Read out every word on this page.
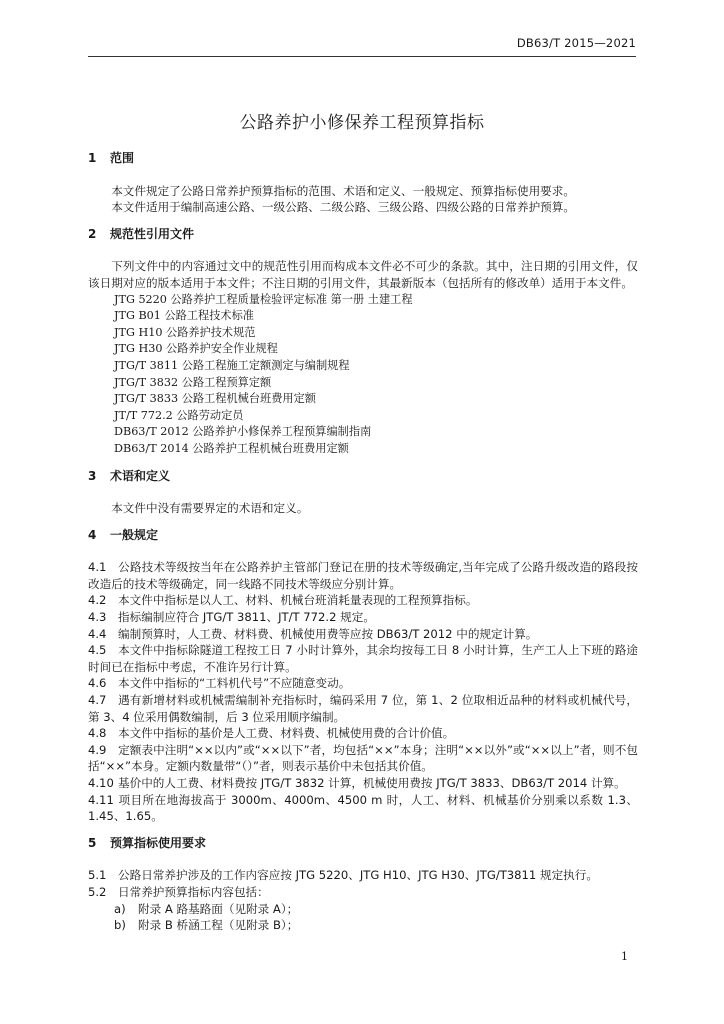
DB63/T 2015—2021
公路养护小修保养工程预算指标
1 范围

本文件规定了公路日常养护预算指标的范围、术语和定义、一般规定、预算指标使用要求。

本文件适用于编制高速公路、一级公路、二级公路、三级公路、四级公路的日常养护预算。

2 规范性引用文件

下列文件中的内容通过文中的规范性引用而构成本文件必不可少的条款。其中，注日期的引用文件，仅该日期对应的版本适用于本文件；不注日期的引用文件，其最新版本（包括所有的修改单）适用于本文件。

JTG 5220 公路养护工程质量检验评定标准 第一册 土建工程

JTG B01 公路工程技术标准

JTG H10 公路养护技术规范

JTG H30 公路养护安全作业规程

JTG/T 3811 公路工程施工定额测定与编制规程

JTG/T 3832 公路工程预算定额

JTG/T 3833 公路工程机械台班费用定额

JT/T 772.2 公路劳动定员

DB63/T 2012 公路养护小修保养工程预算编制指南

DB63/T 2014 公路养护工程机械台班费用定额

3 术语和定义

本文件中没有需要界定的术语和定义。

4 一般规定

4.1 公路技术等级按当年在公路养护主管部门登记在册的技术等级确定,当年完成了公路升级改造的路段按改造后的技术等级确定，同一线路不同技术等级应分别计算。

4.2 本文件中指标是以人工、材料、机械台班消耗量表现的工程预算指标。

4.3 指标编制应符合 JTG/T 3811、JT/T 772.2 规定。

4.4 编制预算时，人工费、材料费、机械使用费等应按 DB63/T 2012 中的规定计算。

4.5 本文件中指标除隧道工程按工日 7 小时计算外，其余均按每工日 8 小时计算，生产工人上下班的路途时间已在指标中考虑，不准许另行计算。

4.6 本文件中指标的“工料机代号”不应随意变动。

4.7 遇有新增材料或机械需编制补充指标时，编码采用 7 位，第 1、2 位取相近品种的材料或机械代号，第 3、4 位采用偶数编制，后 3 位采用顺序编制。

4.8 本文件中指标的基价是人工费、材料费、机械使用费的合计价值。

4.9 定额表中注明“××以内”或“××以下”者，均包括“××”本身；注明“××以外”或“××以上”者，则不包括“××”本身。定额内数量带“（）”者，则表示基价中未包括其价值。

4.10 基价中的人工费、材料费按 JTG/T 3832 计算，机械使用费按 JTG/T 3833、DB63/T 2014 计算。

4.11 项目所在地海拔高于 3000m、4000m、4500 m 时，人工、材料、机械基价分别乘以系数 1.3、1.45、1.65。

5 预算指标使用要求

5.1 公路日常养护涉及的工作内容应按 JTG 5220、JTG H10、JTG H30、JTG/T3811 规定执行。

5.2 日常养护预算指标内容包括：

a) 附录 A 路基路面（见附录 A）；

b) 附录 B 桥涵工程（见附录 B）；

1
